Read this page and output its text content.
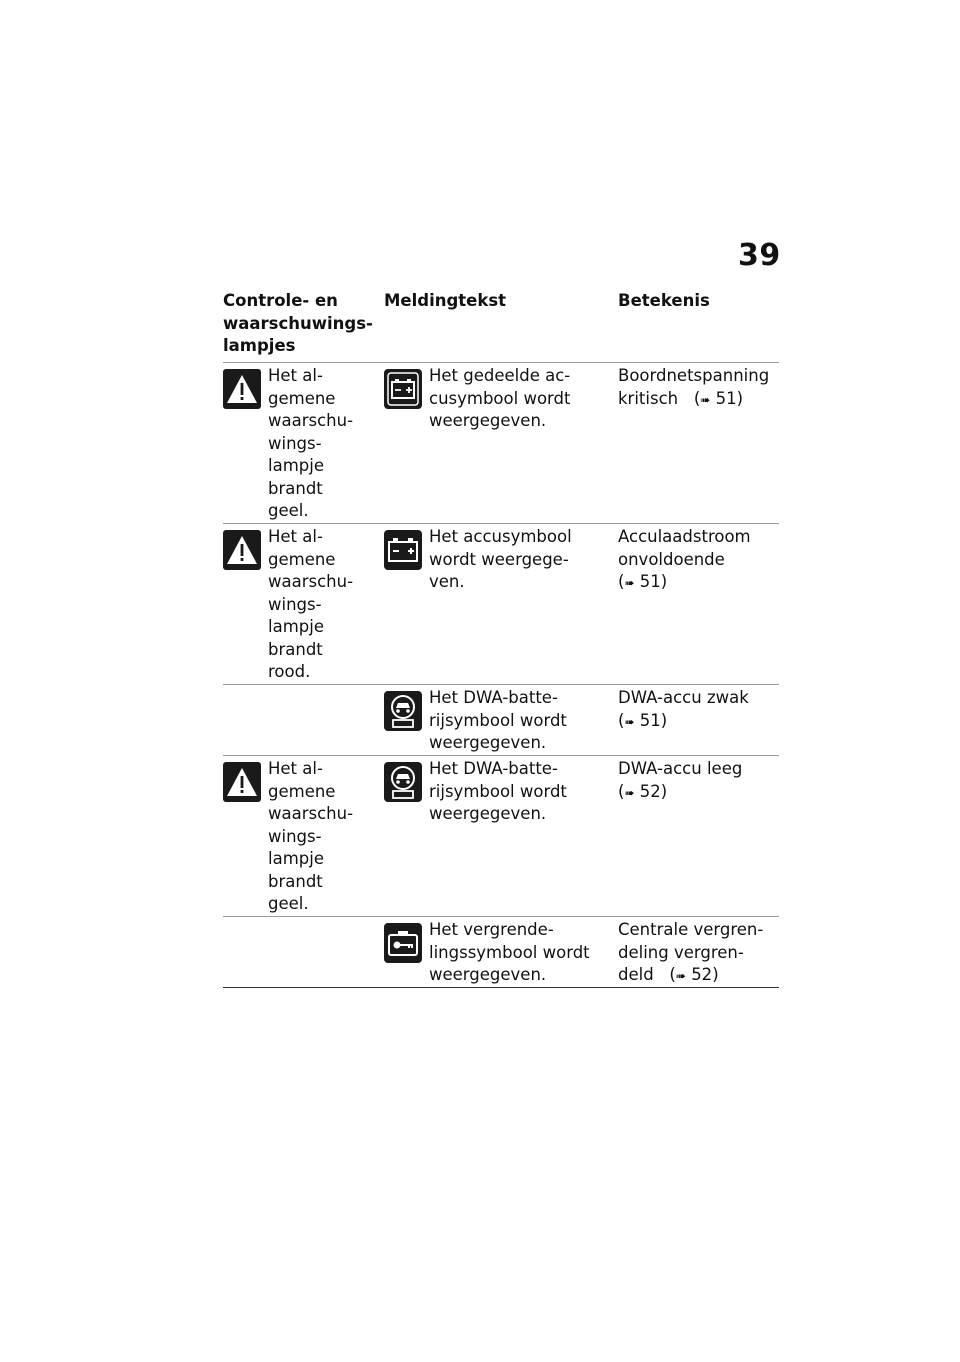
39
Controle- en
waarschuwings-
lampjes
Meldingtekst	Betekenis
Het al-
gemene
waarschu-
wings-
lampje
brandt
geel.
Het gedeelde ac-
cusymbool wordt
weergegeven.
Boordnetspanning
kritisch   (➠ 51)
Het al-
gemene
waarschu-
wings-
lampje
brandt
rood.
Het accusymbool
wordt weergege-
ven.
Acculaadstroom
onvoldoende
(➠ 51)
Het DWA-batte-
rijsymbool wordt
weergegeven.
DWA-accu zwak
(➠ 51)
Het al-
gemene
waarschu-
wings-
lampje
brandt
geel.
Het DWA-batte-
rijsymbool wordt
weergegeven.
DWA-accu leeg
(➠ 52)
Het vergrende-
lingssymbool wordt
weergegeven.
Centrale vergren-
deling vergren-
deld   (➠ 52)
